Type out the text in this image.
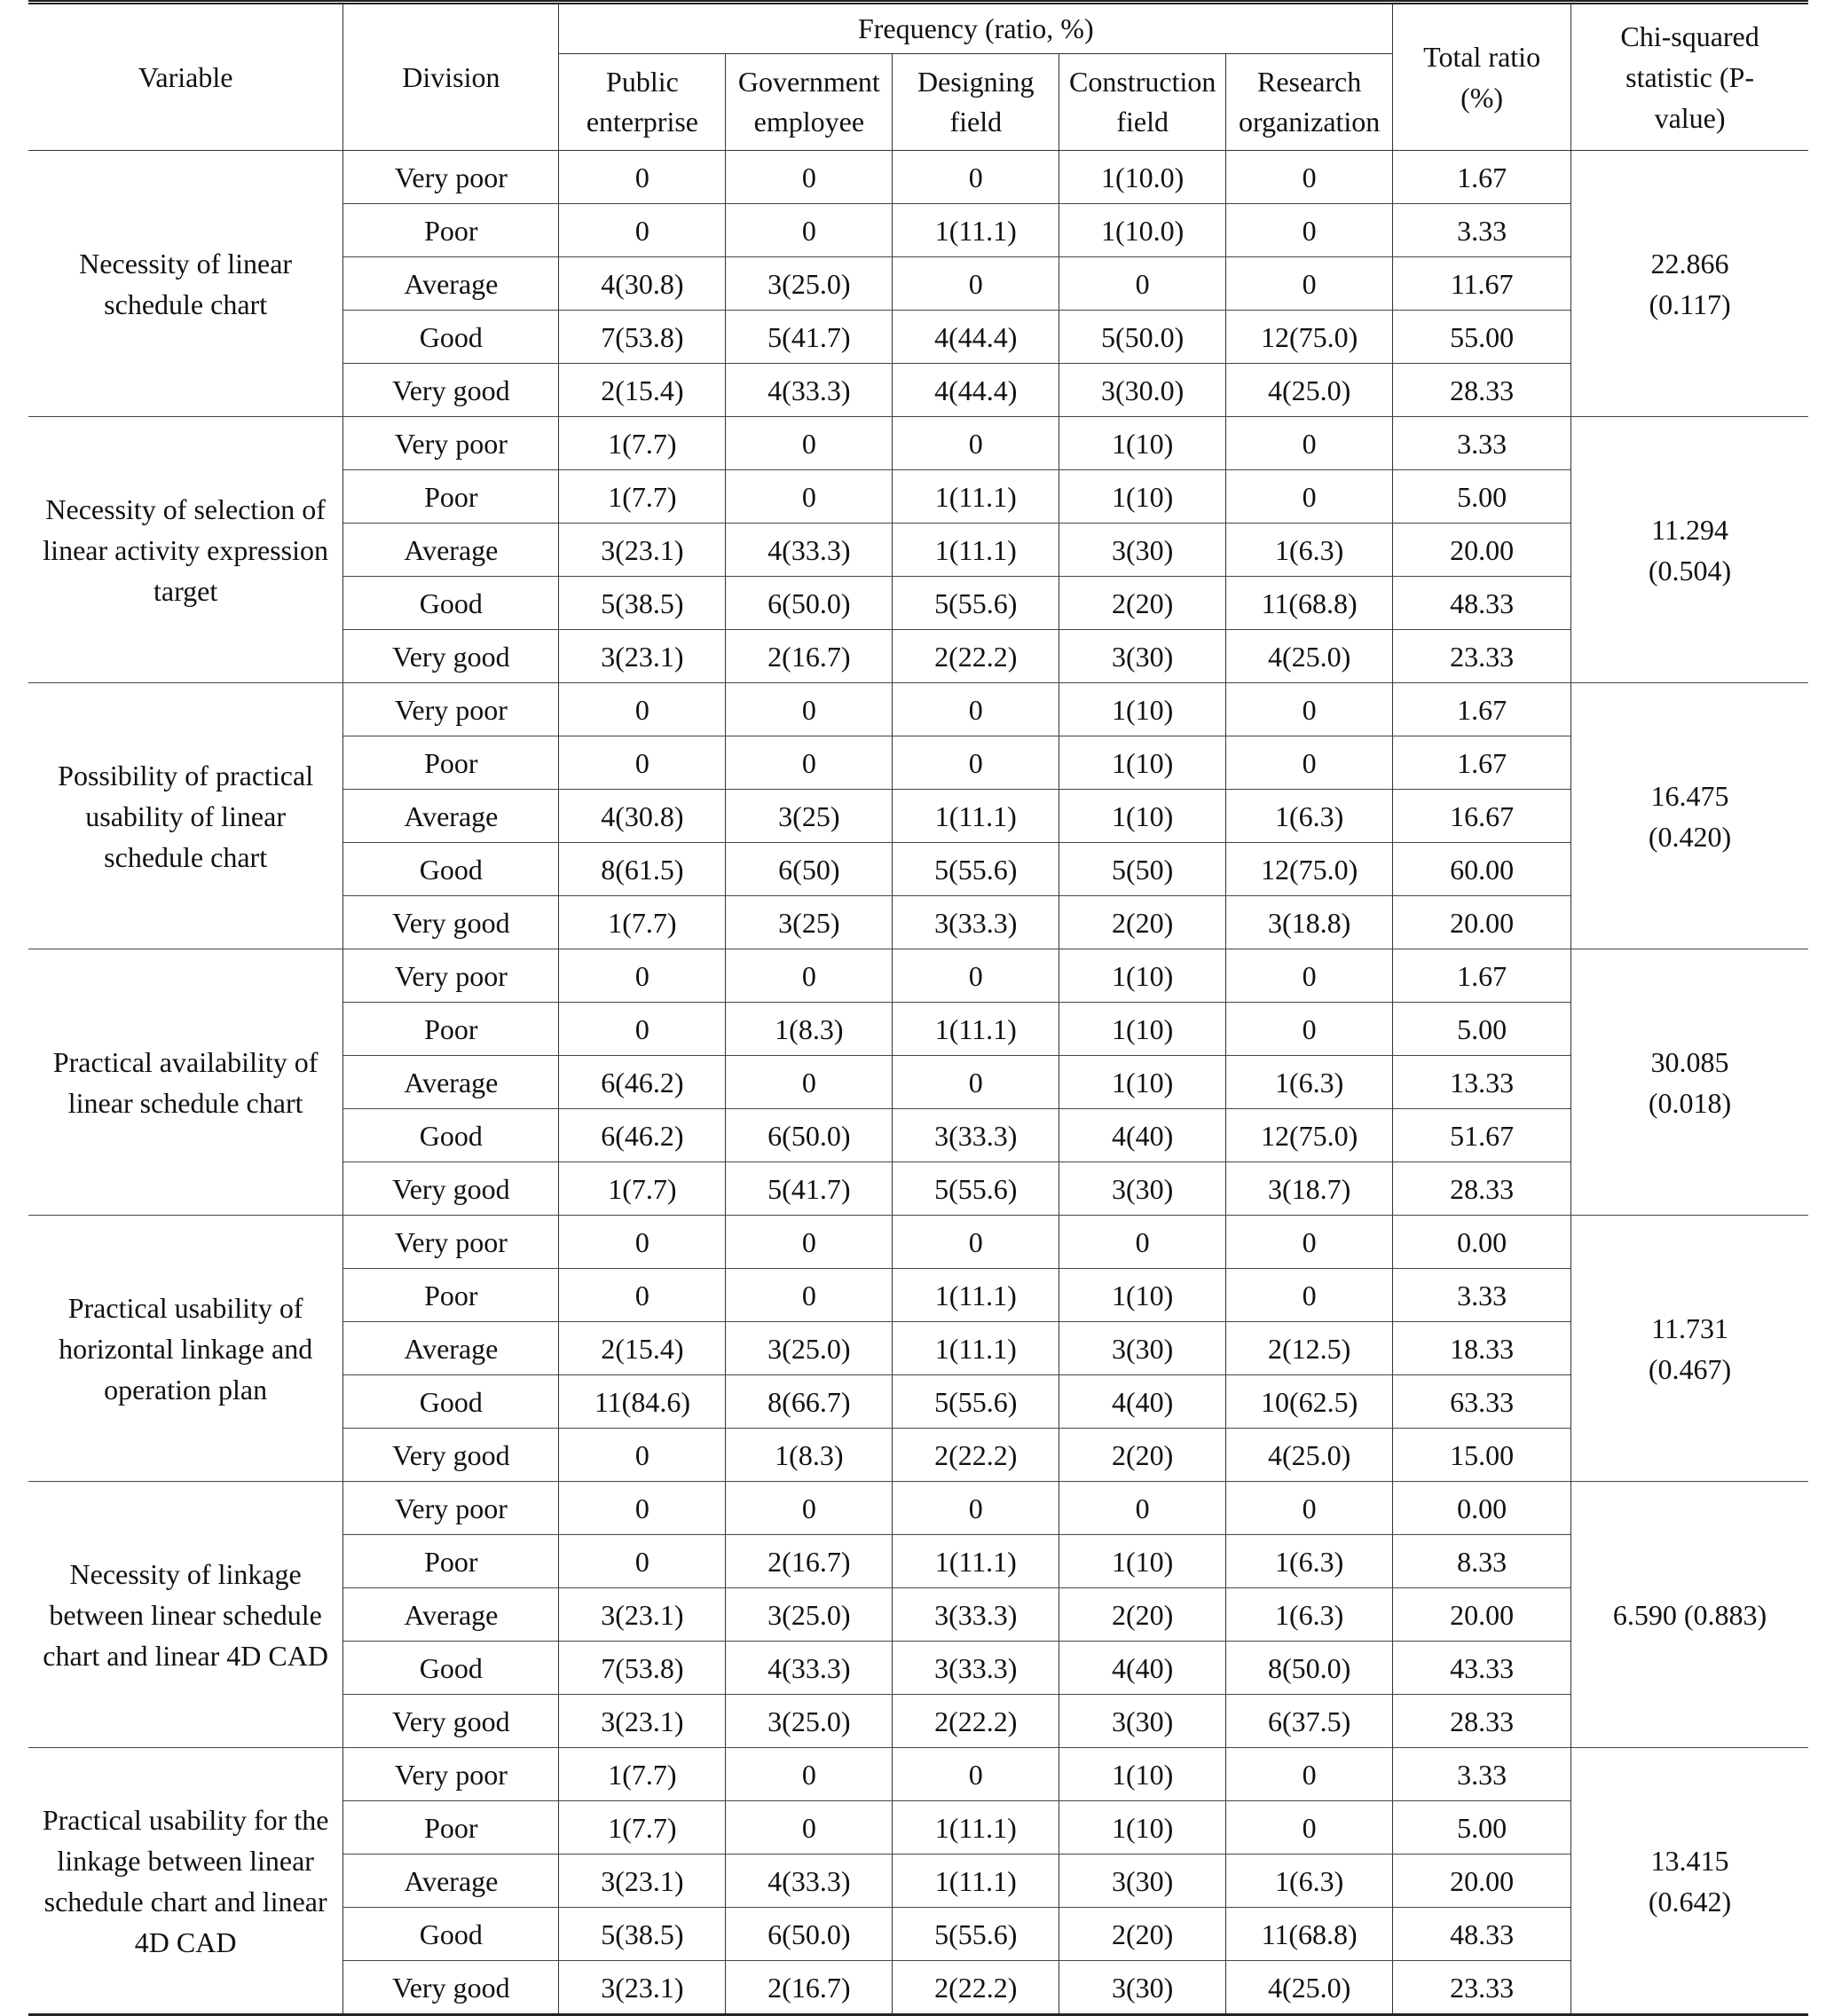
Variable	Division	Frequency (ratio, %)					Total ratio (%)	Chi-squared statistic (P-value)
		Public enterprise	Government employee	Designing field	Construction field	Research organization		
Necessity of linear schedule chart	Very poor	0	0	0	1(10.0)	0	1.67	22.866 (0.117)
	Poor	0	0	1(11.1)	1(10.0)	0	3.33	
	Average	4(30.8)	3(25.0)	0	0	0	11.67	
	Good	7(53.8)	5(41.7)	4(44.4)	5(50.0)	12(75.0)	55.00	
	Very good	2(15.4)	4(33.3)	4(44.4)	3(30.0)	4(25.0)	28.33	
Necessity of selection of linear activity expression target	Very poor	1(7.7)	0	0	1(10)	0	3.33	11.294 (0.504)
	Poor	1(7.7)	0	1(11.1)	1(10)	0	5.00	
	Average	3(23.1)	4(33.3)	1(11.1)	3(30)	1(6.3)	20.00	
	Good	5(38.5)	6(50.0)	5(55.6)	2(20)	11(68.8)	48.33	
	Very good	3(23.1)	2(16.7)	2(22.2)	3(30)	4(25.0)	23.33	
Possibility of practical usability of linear schedule chart	Very poor	0	0	0	1(10)	0	1.67	16.475 (0.420)
	Poor	0	0	0	1(10)	0	1.67	
	Average	4(30.8)	3(25)	1(11.1)	1(10)	1(6.3)	16.67	
	Good	8(61.5)	6(50)	5(55.6)	5(50)	12(75.0)	60.00	
	Very good	1(7.7)	3(25)	3(33.3)	2(20)	3(18.8)	20.00	
Practical availability of linear schedule chart	Very poor	0	0	0	1(10)	0	1.67	30.085 (0.018)
	Poor	0	1(8.3)	1(11.1)	1(10)	0	5.00	
	Average	6(46.2)	0	0	1(10)	1(6.3)	13.33	
	Good	6(46.2)	6(50.0)	3(33.3)	4(40)	12(75.0)	51.67	
	Very good	1(7.7)	5(41.7)	5(55.6)	3(30)	3(18.7)	28.33	
Practical usability of horizontal linkage and operation plan	Very poor	0	0	0	0	0	0.00	11.731 (0.467)
	Poor	0	0	1(11.1)	1(10)	0	3.33	
	Average	2(15.4)	3(25.0)	1(11.1)	3(30)	2(12.5)	18.33	
	Good	11(84.6)	8(66.7)	5(55.6)	4(40)	10(62.5)	63.33	
	Very good	0	1(8.3)	2(22.2)	2(20)	4(25.0)	15.00	
Necessity of linkage between linear schedule chart and linear 4D CAD	Very poor	0	0	0	0	0	0.00	6.590 (0.883)
	Poor	0	2(16.7)	1(11.1)	1(10)	1(6.3)	8.33	
	Average	3(23.1)	3(25.0)	3(33.3)	2(20)	1(6.3)	20.00	
	Good	7(53.8)	4(33.3)	3(33.3)	4(40)	8(50.0)	43.33	
	Very good	3(23.1)	3(25.0)	2(22.2)	3(30)	6(37.5)	28.33	
Practical usability for the linkage between linear schedule chart and linear 4D CAD	Very poor	1(7.7)	0	0	1(10)	0	3.33	13.415 (0.642)
	Poor	1(7.7)	0	1(11.1)	1(10)	0	5.00	
	Average	3(23.1)	4(33.3)	1(11.1)	3(30)	1(6.3)	20.00	
	Good	5(38.5)	6(50.0)	5(55.6)	2(20)	11(68.8)	48.33	
	Very good	3(23.1)	2(16.7)	2(22.2)	3(30)	4(25.0)	23.33	
